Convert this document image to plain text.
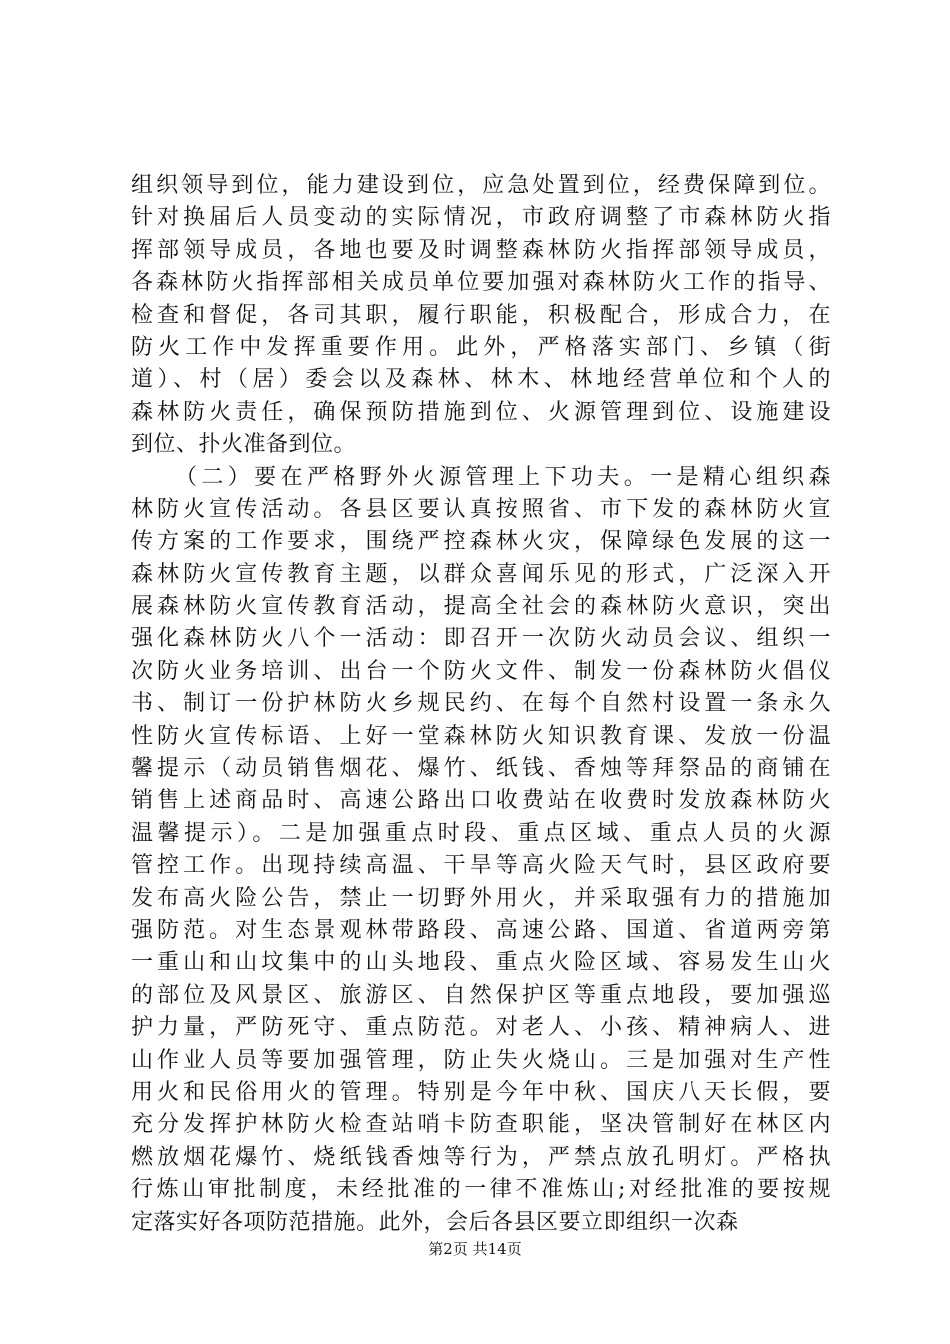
组织领导到位，能力建设到位，应急处置到位，经费保障到位。
针对换届后人员变动的实际情况，市政府调整了市森林防火指
挥部领导成员，各地也要及时调整森林防火指挥部领导成员，
各森林防火指挥部相关成员单位要加强对森林防火工作的指导、
检查和督促，各司其职，履行职能，积极配合，形成合力，在
防火工作中发挥重要作用。此外，严格落实部门、乡镇（街
道）、村（居）委会以及森林、林木、林地经营单位和个人的
森林防火责任，确保预防措施到位、火源管理到位、设施建设
到位、扑火准备到位。
（二）要在严格野外火源管理上下功夫。一是精心组织森
林防火宣传活动。各县区要认真按照省、市下发的森林防火宣
传方案的工作要求，围绕严控森林火灾，保障绿色发展的这一
森林防火宣传教育主题，以群众喜闻乐见的形式，广泛深入开
展森林防火宣传教育活动，提高全社会的森林防火意识，突出
强化森林防火八个一活动：即召开一次防火动员会议、组织一
次防火业务培训、出台一个防火文件、制发一份森林防火倡仪
书、制订一份护林防火乡规民约、在每个自然村设置一条永久
性防火宣传标语、上好一堂森林防火知识教育课、发放一份温
馨提示（动员销售烟花、爆竹、纸钱、香烛等拜祭品的商铺在
销售上述商品时、高速公路出口收费站在收费时发放森林防火
温馨提示）。二是加强重点时段、重点区域、重点人员的火源
管控工作。出现持续高温、干旱等高火险天气时，县区政府要
发布高火险公告，禁止一切野外用火，并采取强有力的措施加
强防范。对生态景观林带路段、高速公路、国道、省道两旁第
一重山和山坟集中的山头地段、重点火险区域、容易发生山火
的部位及风景区、旅游区、自然保护区等重点地段，要加强巡
护力量，严防死守、重点防范。对老人、小孩、精神病人、进
山作业人员等要加强管理，防止失火烧山。三是加强对生产性
用火和民俗用火的管理。特别是今年中秋、国庆八天长假，要
充分发挥护林防火检查站哨卡防查职能，坚决管制好在林区内
燃放烟花爆竹、烧纸钱香烛等行为，严禁点放孔明灯。严格执
行炼山审批制度，未经批准的一律不准炼山;对经批准的要按规
定落实好各项防范措施。此外，会后各县区要立即组织一次森
第2页 共14页
